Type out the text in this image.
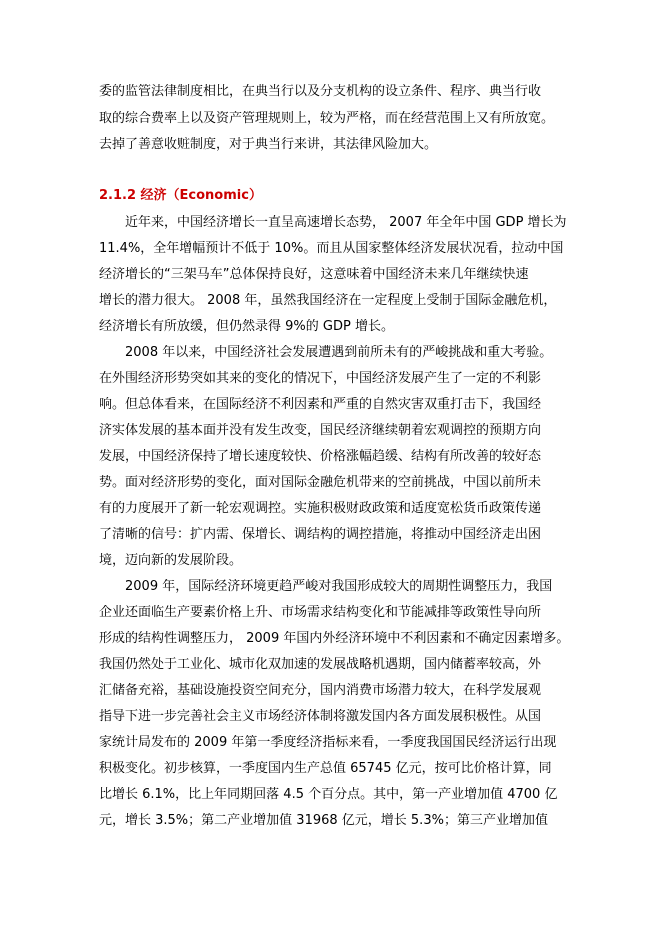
委的监管法律制度相比，在典当行以及分支机构的设立条件、程序、典当行收
取的综合费率上以及资产管理规则上，较为严格，而在经营范围上又有所放宽。
去掉了善意收赃制度，对于典当行来讲，其法律风险加大。
2.1.2 经济（Economic）
近年来，中国经济增长一直呈高速增长态势， 2007 年全年中国 GDP 增长为
11.4%，全年增幅预计不低于 10%。而且从国家整体经济发展状况看，拉动中国
经济增长的“三架马车”总体保持良好，这意味着中国经济未来几年继续快速
增长的潜力很大。 2008 年，虽然我国经济在一定程度上受制于国际金融危机，
经济增长有所放缓，但仍然录得 9%的 GDP 增长。
2008 年以来，中国经济社会发展遭遇到前所未有的严峻挑战和重大考验。
在外围经济形势突如其来的变化的情况下，中国经济发展产生了一定的不利影
响。但总体看来，在国际经济不利因素和严重的自然灾害双重打击下，我国经
济实体发展的基本面并没有发生改变，国民经济继续朝着宏观调控的预期方向
发展，中国经济保持了增长速度较快、价格涨幅趋缓、结构有所改善的较好态
势。面对经济形势的变化，面对国际金融危机带来的空前挑战，中国以前所未
有的力度展开了新一轮宏观调控。实施积极财政政策和适度宽松货币政策传递
了清晰的信号：扩内需、保增长、调结构的调控措施，将推动中国经济走出困
境，迈向新的发展阶段。
2009 年，国际经济环境更趋严峻对我国形成较大的周期性调整压力，我国
企业还面临生产要素价格上升、市场需求结构变化和节能减排等政策性导向所
形成的结构性调整压力， 2009 年国内外经济环境中不利因素和不确定因素增多。
我国仍然处于工业化、城市化双加速的发展战略机遇期，国内储蓄率较高，外
汇储备充裕，基础设施投资空间充分，国内消费市场潜力较大，在科学发展观
指导下进一步完善社会主义市场经济体制将激发国内各方面发展积极性。从国
家统计局发布的 2009 年第一季度经济指标来看，一季度我国国民经济运行出现
积极变化。初步核算，一季度国内生产总值 65745 亿元，按可比价格计算，同
比增长 6.1%，比上年同期回落 4.5 个百分点。其中，第一产业增加值 4700 亿
元，增长 3.5%；第二产业增加值 31968 亿元，增长 5.3%；第三产业增加值
